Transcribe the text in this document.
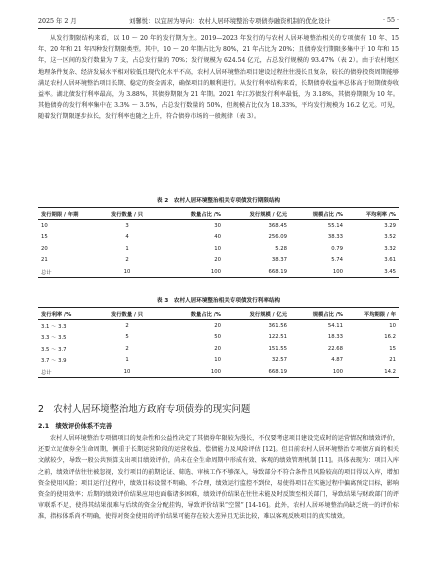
2025 年 2 月	刘馨悦：以宜居为导向：农村人居环境整治专项债券融资机制的优化设计	· 55 ·

从发行期限结构来看，以 10 ～ 20 年的发行期为主。2019—2023 年发行的与农村人居环境整治相关的专项债有 10 年、15 年、20 年和 21 年四种发行期限类型。其中，10 ～ 20 年期占比为 80%，21 年占比为 20%；且债券发行期限多集中于 10 年和 15 年，这一区间的发行数量为 7 支，占总发行量的 70%；发行规模为 624.54 亿元，占总发行规模的 93.47%（表 2）。由于农村地区地理条件复杂、经济发展水平相对较低且现代化水平不高，农村人居环境整治项目建设过程往往漫长且复杂，较长的债券投资周期能够满足农村人居环境整治项目长期、稳定的资金需求，确保项目的顺利进行。从发行利率结构来看，长期债券收益率总体高于短期债券收益率。湖北债发行利率最高，为 3.88%，其债券期限为 21 年期。2021 年江苏债发行利率最低，为 3.18%，其债券期限为 10 年。其他债券的发行利率集中在 3.3% ～ 3.5%，占总发行数量的 50%，但规模占比仅为 18.33%，平均发行规模为 16.2 亿元。可见，随着发行期限逐步拉长，发行利率也随之上升，符合债券市场的一般规律（表 3）。

表 2　农村人居环境整治相关专项债发行期限结构
发行期限 / 年期	发行数量 / 只	数量占比 /%	发行规模 / 亿元	规模占比 /%	平均利率 /%
10	3	30	368.45	55.14	3.29
15	4	40	256.09	38.33	3.52
20	1	10	5.28	0.79	3.32
21	2	20	38.37	5.74	3.61
总计	10	100	668.19	100	3.45
表 3　农村人居环境整治相关专项债发行利率结构
发行利率 /%	发行数量 / 只	数量占比 /%	发行规模 / 亿元	规模占比 /%	平均期限 / 年
3.1 ～ 3.3	2	20	361.56	54.11	10
3.3 ～ 3.5	5	50	122.51	18.33	16.2
3.5 ～ 3.7	2	20	151.55	22.68	15
3.7 ～ 3.9	1	10	32.57	4.87	21
总计	10	100	668.19	100	14.2
2　农村人居环境整治地方政府专项债券的现实问题
2.1　绩效评价体系不完善

农村人居环境整治专项债项目的复杂性和公益性决定了其债券年限较为漫长，不仅要考虑项目建设完成时的运营情况和绩效评价，还要立足债券全生命周期，侧重于长期运营阶段的运营收益、偿债能力及风险评估 [12]。但目前农村人居环境整治专项债方面的相关文献较少，导致一般公共预算支出项目绩效评价，尚未在全生命周期中形成有效、客观的绩效管理机制 [11]。具体表现为：项目入库之前，绩效评估往往被忽视，发行项目的前期论证、筛选、审核工作不够深入，导致部分不符合条件且风险较高的项目得以入库，增加资金使用风险；项目运行过程中，绩效目标设置不明确、不合理，绩效运行监控不到位，易使得项目在实施过程中偏离预定目标，影响资金的使用效率；后期的绩效评价结果应用也面临诸多困难，绩效评价结果在往往未能及时反馈至相关部门，导致结果与财政部门的评审联系不足，使得其结果很难与后续的资金分配挂钩，导致评价结果“空置” [14-16]。此外，农村人居环境整治尚缺乏统一的评价标准，指标体系尚不明确，使得对资金使用的评价结果可能存在较大差异且无法比较，难以客观反映项目的真实绩效。
